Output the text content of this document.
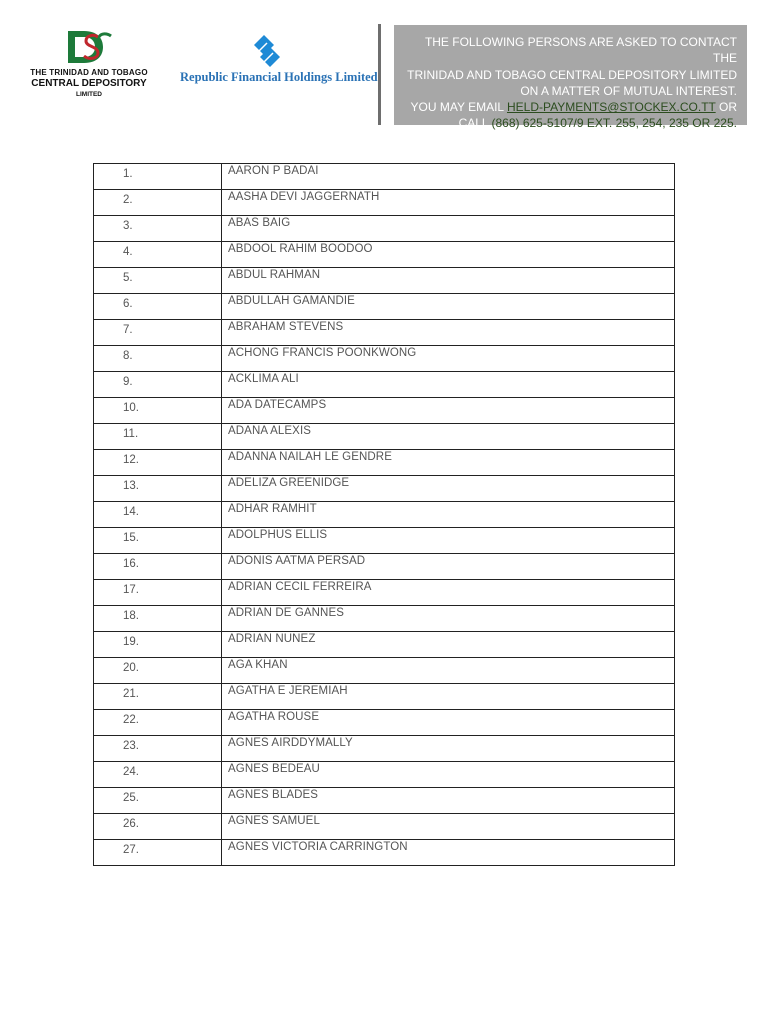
THE TRINIDAD AND TOBAGO
CENTRAL DEPOSITORY
LIMITED
Republic Financial Holdings Limited
THE FOLLOWING PERSONS ARE ASKED TO CONTACT THE
TRINIDAD AND TOBAGO CENTRAL DEPOSITORY LIMITED
ON A MATTER OF MUTUAL INTEREST.
YOU MAY EMAIL HELD-PAYMENTS@STOCKEX.CO.TT OR
CALL (868) 625-5107/9 EXT. 255, 254, 235 OR 225.
1.	AARON P BADAI
2.	AASHA DEVI JAGGERNATH
3.	ABAS BAIG
4.	ABDOOL RAHIM BOODOO
5.	ABDUL RAHMAN
6.	ABDULLAH GAMANDIE
7.	ABRAHAM STEVENS
8.	ACHONG FRANCIS POONKWONG
9.	ACKLIMA ALI
10.	ADA DATECAMPS
11.	ADANA ALEXIS
12.	ADANNA NAILAH LE GENDRE
13.	ADELIZA GREENIDGE
14.	ADHAR RAMHIT
15.	ADOLPHUS ELLIS
16.	ADONIS AATMA PERSAD
17.	ADRIAN CECIL FERREIRA
18.	ADRIAN DE GANNES
19.	ADRIAN NUNEZ
20.	AGA KHAN
21.	AGATHA E JEREMIAH
22.	AGATHA ROUSE
23.	AGNES AIRDDYMALLY
24.	AGNES BEDEAU
25.	AGNES BLADES
26.	AGNES SAMUEL
27.	AGNES VICTORIA CARRINGTON
